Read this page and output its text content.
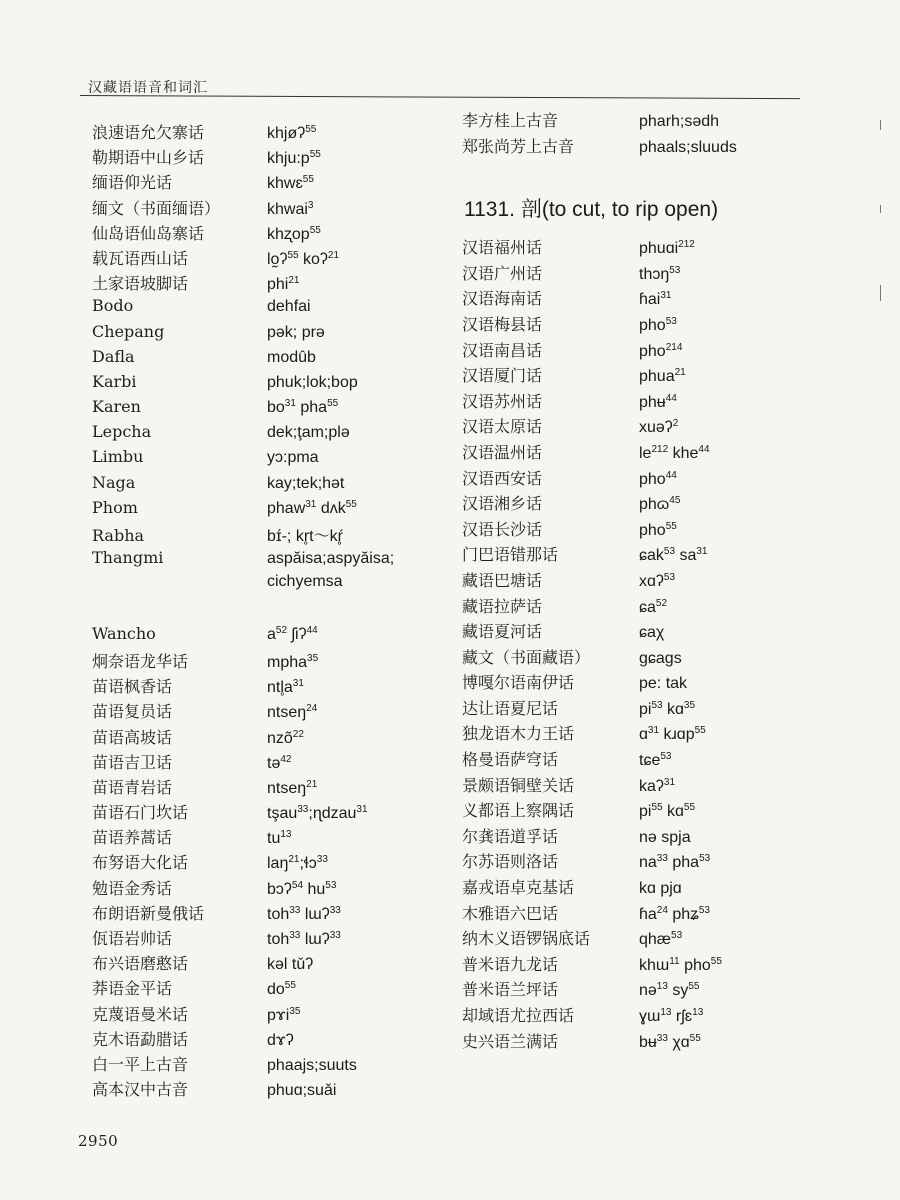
汉藏语语音和词汇
浪速语允欠寨话	khjøʔ$^{55}$
勒期语中山乡话	$khju:p^{55}$
缅语仰光话	khwɛ$^{55}$
缅文（书面缅语）	khwai$^3$
仙岛语仙岛寨话	khʐop$^{55}$
载瓦语西山话	lo̰ʔ$^{55}$ koʔ$^{21}$
土家语坡脚话	phi$^{21}$
Bodo	dehfai
Chepang	pək; prə
Dafla	modûb
Karbi	phuk;lok;bop
Karen	$bo^{31}$ pha$^{55}$
Lepcha	dek;ţam;plə
Limbu	yɔ:pma
Naga	kay;tek;hət
Phom	phaw$^{31}$ dʌk$^{55}$
Rabha	bɪ́-; kr̥t～kŕ̥
Thangmi	aspăisa;aspyăisa;
cichyemsa
Wancho	$a^{52}$ ʃiʔ$^{44}$
炯奈语龙华话	mpha$^{35}$
苗语枫香话	$ntl̥a^{31}$
苗语复员话	ntseŋ$^{24}$
苗语高坡话	nzõ$^{22}$
苗语吉卫话	tə$^{42}$
苗语青岩话	ntseŋ$^{21}$
苗语石门坎话	tşau$^{33}$;ɳdzau$^{31}$
苗语养蒿话	$tu^{13}$
布努语大化话	laŋ$^{21}$;ɬɔ$^{33}$
勉语金秀话	bɔʔ$^{54}$ $hu^{53}$
布朗语新曼俄话	toh$^{33}$ lɯʔ$^{33}$
佤语岩帅话	toh$^{33}$ lɯʔ$^{33}$
布兴语磨憨话	kəl tǔʔ
莽语金平话	$do^{55}$
克蔑语曼米话	pɤi$^{35}$
克木语勐腊话	dɤʔ
白一平上古音	phaajs;suuts
高本汉中古音	phuɑ;suǎi
李方桂上古音	pharh;sədh
郑张尚芳上古音	phaals;sluuds
1131. 剖(to cut, to rip open)
汉语福州话	phuɑi$^{212}$
汉语广州话	thɔŋ$^{53}$
汉语海南话	ɦai$^{31}$
汉语梅县话	pho$^{53}$
汉语南昌话	pho$^{214}$
汉语厦门话	phua$^{21}$
汉语苏州话	phʉ$^{44}$
汉语太原话	xuəʔ$^2$
汉语温州话	$le^{212}$ khe$^{44}$
汉语西安话	pho$^{44}$
汉语湘乡话	phɷ$^{45}$
汉语长沙话	pho$^{55}$
门巴语错那话	ɕak$^{53}$ $sa^{31}$
藏语巴塘话	xɑʔ$^{53}$
藏语拉萨话	ɕa$^{52}$
藏语夏河话	ɕaχ
藏文（书面藏语）	gɕags
博嘎尔语南伊话	pe: tak
达让语夏尼话	$pi^{53}$ kɑ$^{35}$
独龙语木力王话	ɑ$^{31}$ kɹɑp$^{55}$
格曼语萨穹话	tɕe$^{53}$
景颇语铜壁关话	kaʔ$^{31}$
义都语上察隅话	$pi^{55}$ kɑ$^{55}$
尔龚语道孚话	nə spja
尔苏语则洛话	$na^{33}$ pha$^{53}$
嘉戎语卓克基话	kɑ pjɑ
木雅语六巴话	ɦa$^{24}$ phʑ$^{53}$
纳木义语锣锅底话	qhæ$^{53}$
普米语九龙话	khɯ$^{11}$ pho$^{55}$
普米语兰坪话	nə$^{13}$ $sy^{55}$
却域语尤拉西话	ɣɯ$^{13}$ rʃɛ$^{13}$
史兴语兰满话	bʉ$^{33}$ χɑ$^{55}$
2950
